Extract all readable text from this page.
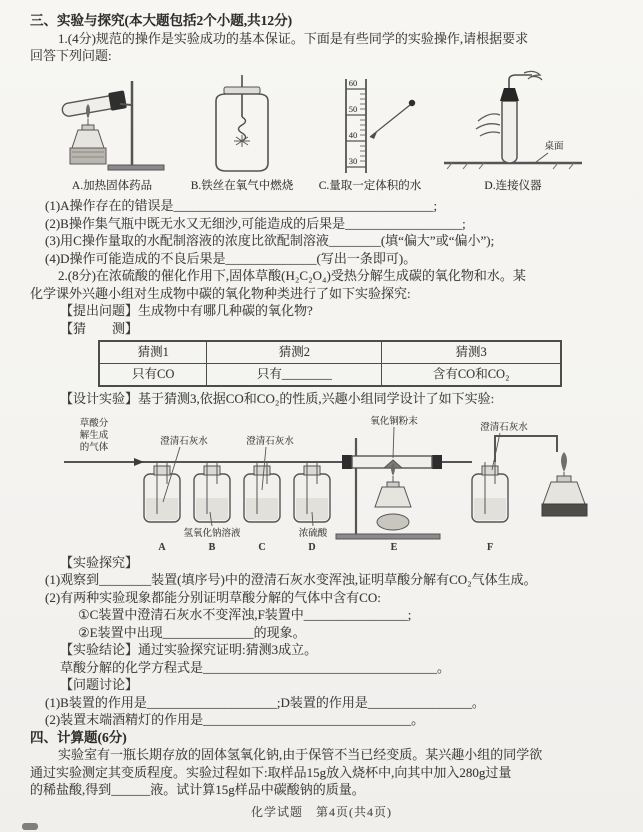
三、实验与探究(本大题包括2个小题,共12分)
1.(4分)规范的操作是实验成功的基本保证。下面是有些同学的实验操作,请根据要求
回答下列问题:
A.加热固体药品	B.铁丝在氧气中燃烧
60
50
40
30
C.量取一定体积的水
桌面
D.连接仪器
(1)A操作存在的错误是________________________________________;
(2)B操作集气瓶中既无水又无细沙,可能造成的后果是__________________;
(3)用C操作量取的水配制溶液的浓度比欲配制溶液________(填“偏大”或“偏小”);
(4)D操作可能造成的不良后果是______________(写出一条即可)。
2.(8分)在浓硫酸的催化作用下,固体草酸(H₂C₂O₄)受热分解生成碳的氧化物和水。某
化学课外兴趣小组对生成物中碳的氧化物种类进行了如下实验探究:
【提出问题】生成物中有哪几种碳的氧化物?
【猜　　测】
猜测1	猜测2	猜测3
只有CO	只有________	含有CO和CO₂
【设计实验】基于猜测3,依据CO和CO₂的性质,兴趣小组同学设计了如下实验:
草酸分
解生成
的气体
澄清石灰水	澄清石灰水
氧化铜粉末
澄清石灰水
氢氧化钠溶液	浓硫酸
A	B	C	D	E	F
【实验探究】
(1)观察到________装置(填序号)中的澄清石灰水变浑浊,证明草酸分解有CO₂气体生成。
(2)有两种实验现象都能分别证明草酸分解的气体中含有CO:
①C装置中澄清石灰水不变浑浊,F装置中________________;
②E装置中出现______________的现象。
【实验结论】通过实验探究证明:猜测3成立。
草酸分解的化学方程式是____________________________________。
【问题讨论】
(1)B装置的作用是____________________;D装置的作用是________________。
(2)装置末端酒精灯的作用是________________________________。
四、计算题(6分)
实验室有一瓶长期存放的固体氢氧化钠,由于保管不当已经变质。某兴趣小组的同学欲
通过实验测定其变质程度。实验过程如下:取样品15g放入烧杯中,向其中加入280g过量
的稀盐酸,得到______液。试计算15g样品中碳酸钠的质量。
化学试题　第4页(共4页)
